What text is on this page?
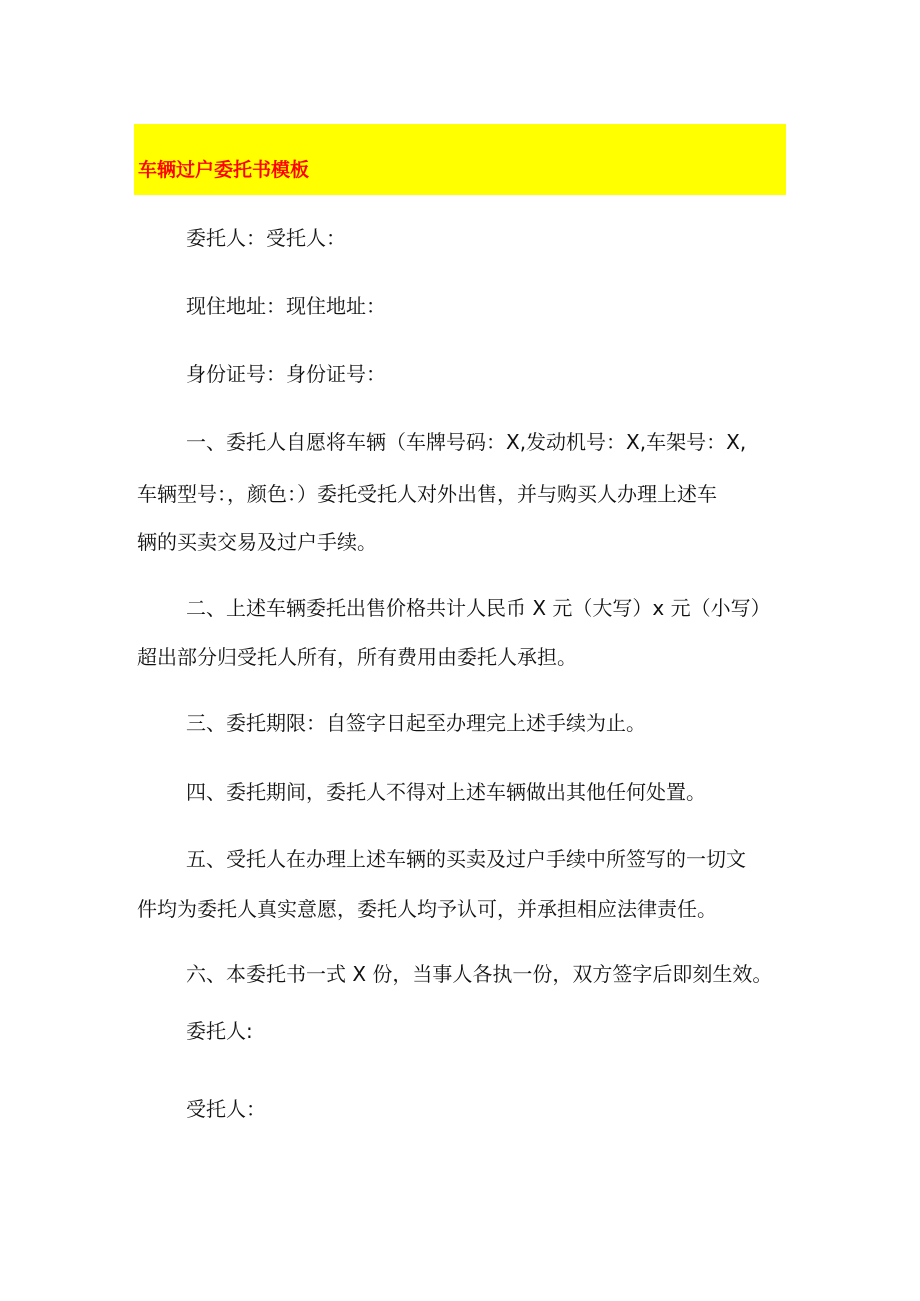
车辆过户委托书模板
委托人：受托人：
现住地址：现住地址：
身份证号：身份证号：
一、委托人自愿将车辆（车牌号码：X,发动机号：X,车架号：X,
车辆型号：，颜色：）委托受托人对外出售，并与购买人办理上述车
辆的买卖交易及过户手续。
二、上述车辆委托出售价格共计人民币 X 元（大写）x 元（小写）
超出部分归受托人所有，所有费用由委托人承担。
三、委托期限：自签字日起至办理完上述手续为止。
四、委托期间，委托人不得对上述车辆做出其他任何处置。
五、受托人在办理上述车辆的买卖及过户手续中所签写的一切文
件均为委托人真实意愿，委托人均予认可，并承担相应法律责任。
六、本委托书一式 X 份，当事人各执一份，双方签字后即刻生效。
委托人:
受托人：
